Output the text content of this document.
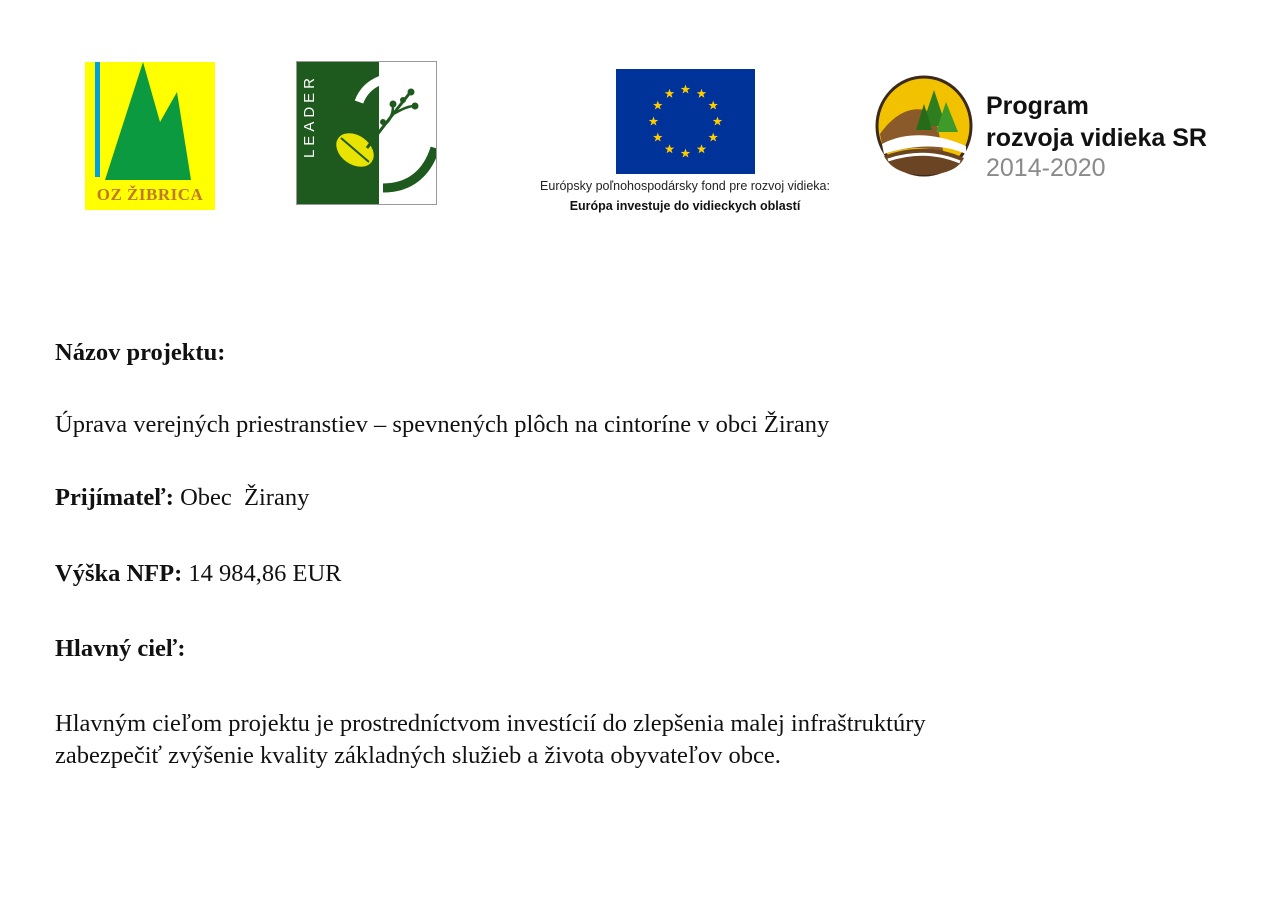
OZ ŽIBRICA
LEADER
Európsky poľnohospodársky fond pre rozvoj vidieka:
Európa investuje do vidieckych oblastí
Program
rozvoja vidieka SR
2014-2020
Názov projektu:
Úprava verejných priestranstiev – spevnených plôch na cintoríne v obci Žirany
Prijímateľ: Obec  Žirany
Výška NFP: 14 984,86 EUR
Hlavný cieľ:
Hlavným cieľom projektu je prostredníctvom investícií do zlepšenia malej infraštruktúry
zabezpečiť zvýšenie kvality základných služieb a života obyvateľov obce.
